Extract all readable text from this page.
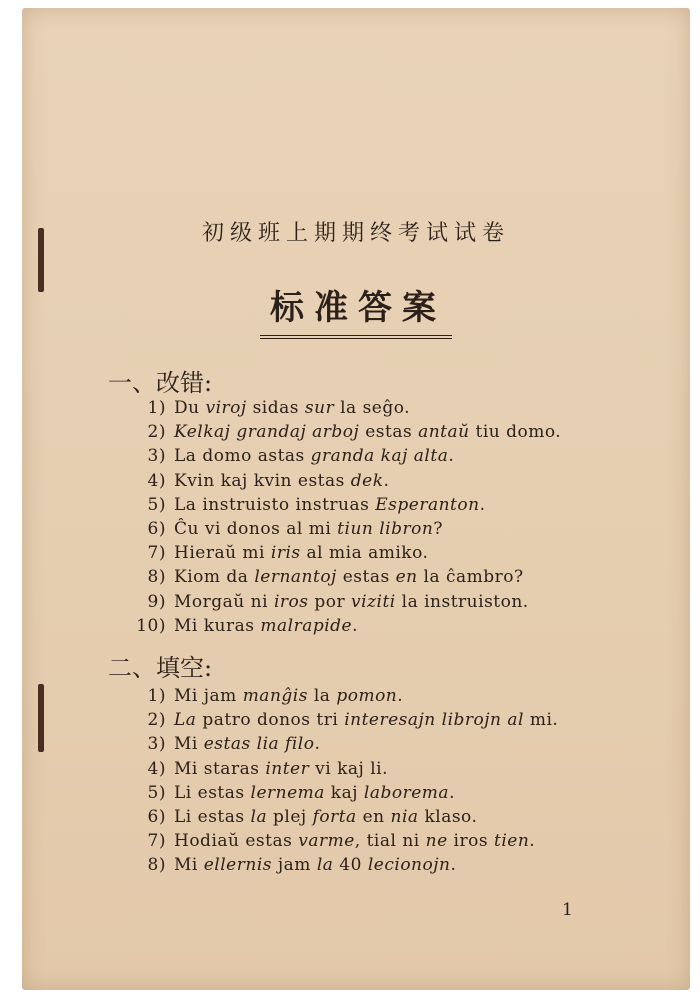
初级班上期期终考试试卷
标准答案
一、改错:
1) Du viroj sidas sur la seĝo.
2) Kelkaj grandaj arboj estas antaŭ tiu domo.
3) La domo astas granda kaj alta.
4) Kvin kaj kvin estas dek.
5) La instruisto instruas Esperanton.
6) Ĉu vi donos al mi tiun libron?
7) Hieraŭ mi iris al mia amiko.
8) Kiom da lernantoj estas en la ĉambro?
9) Morgaŭ ni iros por viziti la instruiston.
10) Mi kuras malrapide.
二、填空:
1) Mi jam manĝis la pomon.
2) La patro donos tri interesajn librojn al mi.
3) Mi estas lia filo.
4) Mi staras inter vi kaj li.
5) Li estas lernema kaj laborema.
6) Li estas la plej forta en nia klaso.
7) Hodiaŭ estas varme, tial ni ne iros tien.
8) Mi ellernis jam la 40 lecionojn.
1
